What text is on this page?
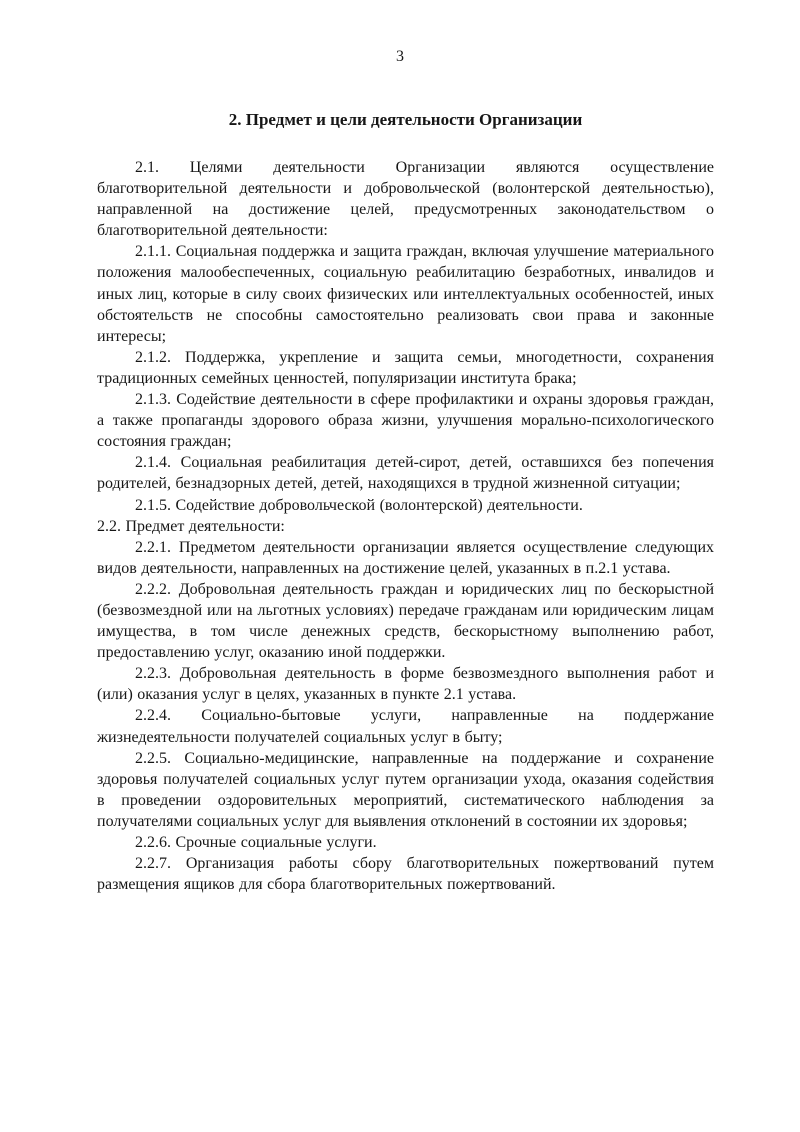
3
2. Предмет и цели деятельности Организации

2.1. Целями деятельности Организации являются осуществление благотворительной деятельности и добровольческой (волонтерской деятельностью), направленной на достижение целей, предусмотренных законодательством о благотворительной деятельности:

2.1.1. Социальная поддержка и защита граждан, включая улучшение материального положения малообеспеченных, социальную реабилитацию безработных, инвалидов и иных лиц, которые в силу своих физических или интеллектуальных особенностей, иных обстоятельств не способны самостоятельно реализовать свои права и законные интересы;

2.1.2. Поддержка, укрепление и защита семьи, многодетности, сохранения традиционных семейных ценностей, популяризации института брака;

2.1.3. Содействие деятельности в сфере профилактики и охраны здоровья граждан, а также пропаганды здорового образа жизни, улучшения морально-психологического состояния граждан;

2.1.4. Социальная реабилитация детей-сирот, детей, оставшихся без попечения родителей, безнадзорных детей, детей, находящихся в трудной жизненной ситуации;

2.1.5. Содействие добровольческой (волонтерской) деятельности.

2.2. Предмет деятельности:

2.2.1. Предметом деятельности организации является осуществление следующих видов деятельности, направленных на достижение целей, указанных в п.2.1 устава.

2.2.2. Добровольная деятельность граждан и юридических лиц по бескорыстной (безвозмездной или на льготных условиях) передаче гражданам или юридическим лицам имущества, в том числе денежных средств, бескорыстному выполнению работ, предоставлению услуг, оказанию иной поддержки.

2.2.3. Добровольная деятельность в форме безвозмездного выполнения работ и (или) оказания услуг в целях, указанных в пункте 2.1 устава.

2.2.4. Социально-бытовые услуги, направленные на поддержание жизнедеятельности получателей социальных услуг в быту;

2.2.5. Социально-медицинские, направленные на поддержание и сохранение здоровья получателей социальных услуг путем организации ухода, оказания содействия в проведении оздоровительных мероприятий, систематического наблюдения за получателями социальных услуг для выявления отклонений в состоянии их здоровья;

2.2.6. Срочные социальные услуги.

2.2.7. Организация работы сбору благотворительных пожертвований путем размещения ящиков для сбора благотворительных пожертвований.
